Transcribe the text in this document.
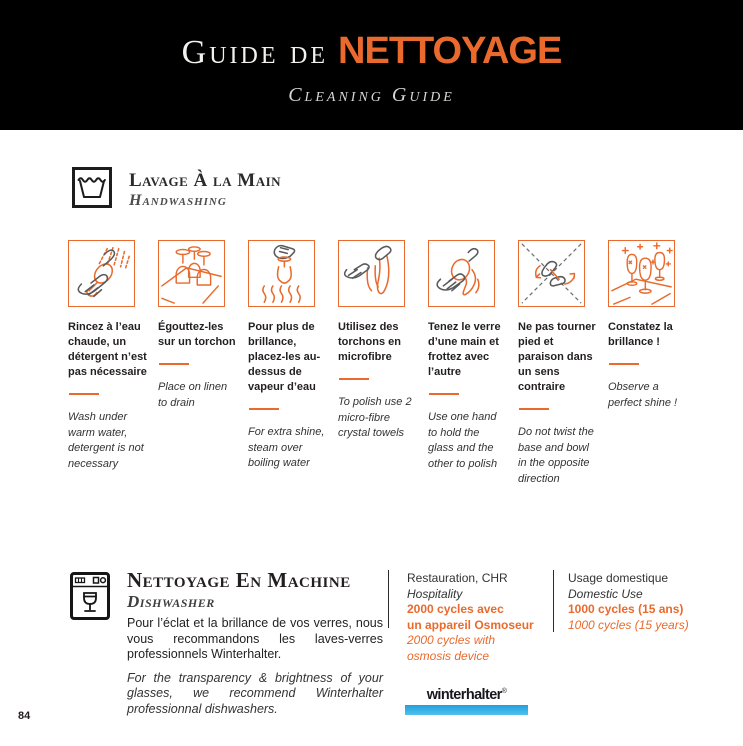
Guide de NETTOYAGE
Cleaning Guide
Lavage À la Main
Handwashing
Rincez à l’eau chaude, un détergent n’est pas nécessaire
Wash under warm water, detergent is not necessary
Égouttez-les sur un torchon
Place on linen to drain
Pour plus de brillance, placez-les au-dessus de vapeur d’eau
For extra shine, steam over boiling water
Utilisez des torchons en microfibre
To polish use 2 micro-fibre crystal towels
Tenez le verre d’une main et frottez avec l’autre
Use one hand to hold the glass and the other to polish
Ne pas tourner pied et paraison dans un sens contraire
Do not twist the base and bowl in the opposite direction
Constatez la brillance !
Observe a perfect shine !
Nettoyage En Machine
Dishwasher
Pour l’éclat et la brillance de vos verres, nous vous recommandons les laves-verres professionnels Winterhalter.
For the transparency & brightness of your glasses, we recommend Winterhalter professionnal dishwashers.
Restauration, CHR
Hospitality
2000 cycles avec
un appareil Osmoseur
2000 cycles with
osmosis device
Usage domestique
Domestic Use
1000 cycles (15 ans)
1000 cycles (15 years)
winterhalter®
84
